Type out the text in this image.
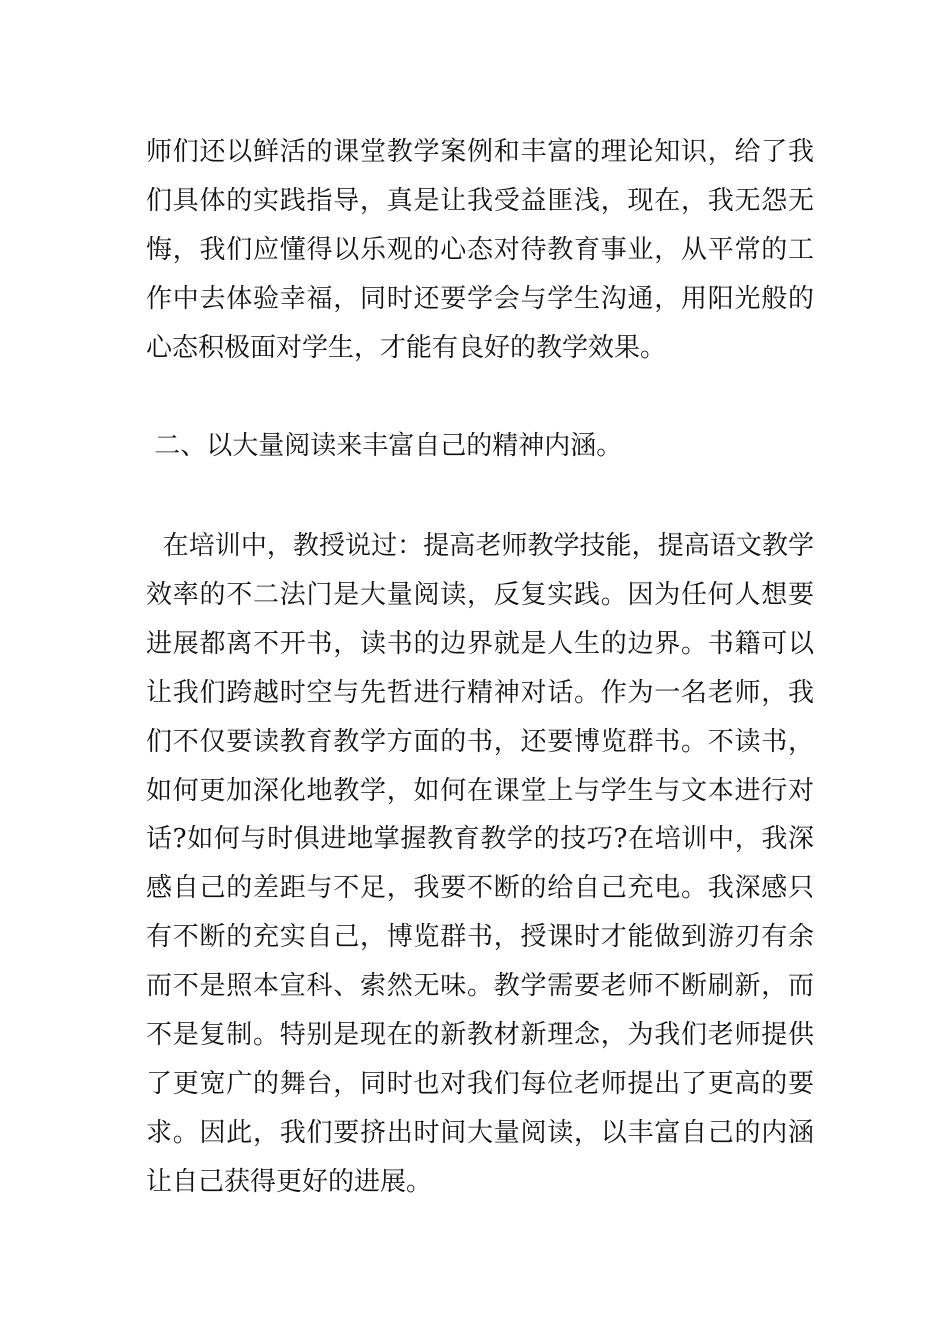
师们还以鲜活的课堂教学案例和丰富的理论知识，给了我们具体的实践指导，真是让我受益匪浅，现在，我无怨无悔，我们应懂得以乐观的心态对待教育事业，从平常的工作中去体验幸福，同时还要学会与学生沟通，用阳光般的心态积极面对学生，才能有良好的教学效果。

二、以大量阅读来丰富自己的精神内涵。

在培训中，教授说过：提高老师教学技能，提高语文教学效率的不二法门是大量阅读，反复实践。因为任何人想要进展都离不开书，读书的边界就是人生的边界。书籍可以让我们跨越时空与先哲进行精神对话。作为一名老师，我们不仅要读教育教学方面的书，还要博览群书。不读书，如何更加深化地教学，如何在课堂上与学生与文本进行对话?如何与时俱进地掌握教育教学的技巧?在培训中，我深感自己的差距与不足，我要不断的给自己充电。我深感只有不断的充实自己，博览群书，授课时才能做到游刃有余而不是照本宣科、索然无味。教学需要老师不断刷新，而不是复制。特别是现在的新教材新理念，为我们老师提供了更宽广的舞台，同时也对我们每位老师提出了更高的要求。因此，我们要挤出时间大量阅读，以丰富自己的内涵让自己获得更好的进展。
